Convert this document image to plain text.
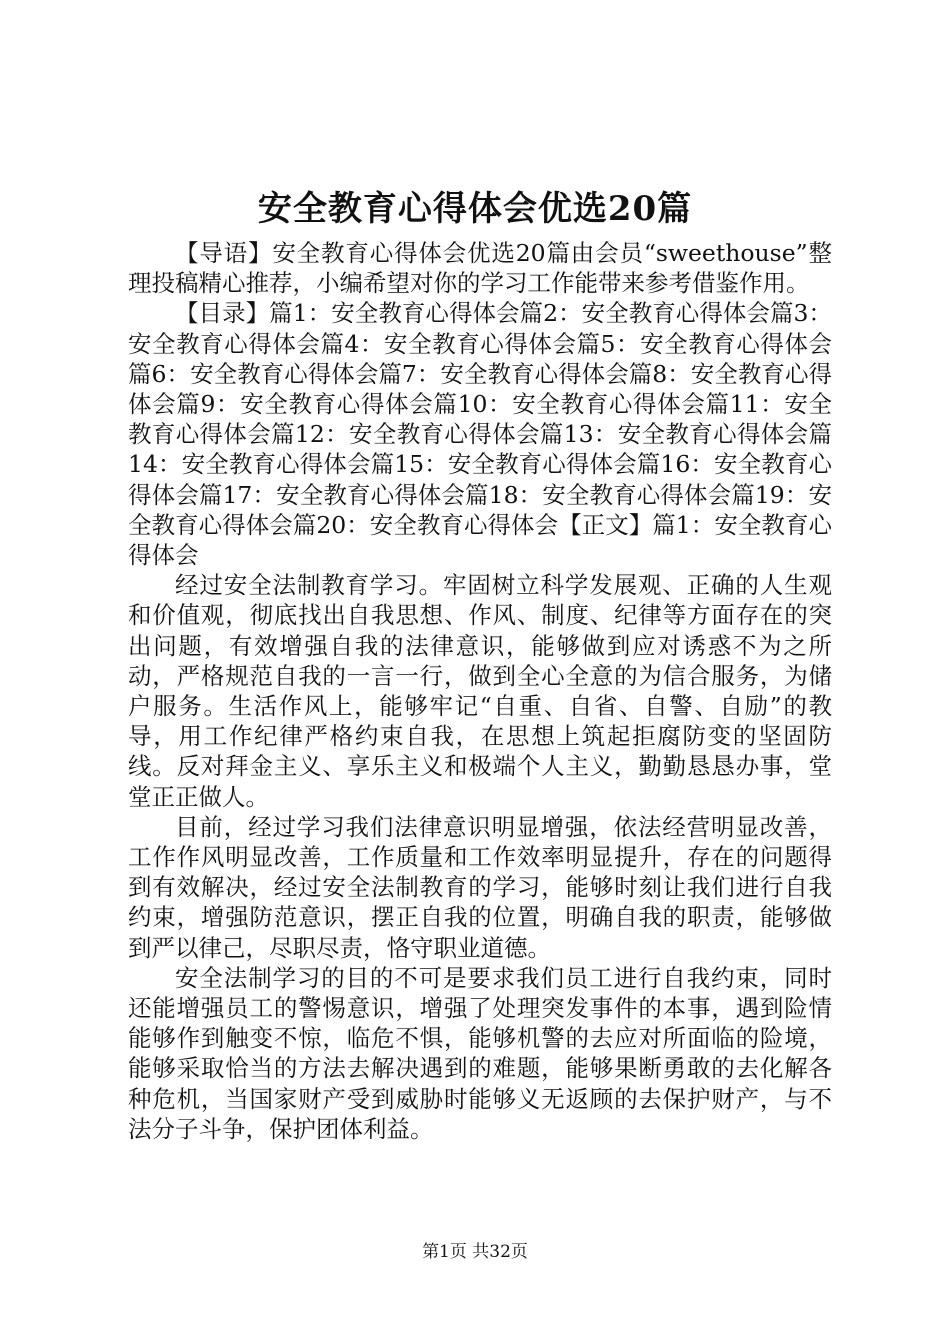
安全教育心得体会优选20篇

【导语】安全教育心得体会优选20篇由会员“sweethouse”整理投稿精心推荐，小编希望对你的学习工作能带来参考借鉴作用。

【目录】篇1：安全教育心得体会篇2：安全教育心得体会篇3：安全教育心得体会篇4：安全教育心得体会篇5：安全教育心得体会篇6：安全教育心得体会篇7：安全教育心得体会篇8：安全教育心得体会篇9：安全教育心得体会篇10：安全教育心得体会篇11：安全教育心得体会篇12：安全教育心得体会篇13：安全教育心得体会篇14：安全教育心得体会篇15：安全教育心得体会篇16：安全教育心得体会篇17：安全教育心得体会篇18：安全教育心得体会篇19：安全教育心得体会篇20：安全教育心得体会【正文】篇1：安全教育心得体会

经过安全法制教育学习。牢固树立科学发展观、正确的人生观和价值观，彻底找出自我思想、作风、制度、纪律等方面存在的突出问题，有效增强自我的法律意识，能够做到应对诱惑不为之所动，严格规范自我的一言一行，做到全心全意的为信合服务，为储户服务。生活作风上，能够牢记“自重、自省、自警、自励”的教导，用工作纪律严格约束自我，在思想上筑起拒腐防变的坚固防线。反对拜金主义、享乐主义和极端个人主义，勤勤恳恳办事，堂堂正正做人。

目前，经过学习我们法律意识明显增强，依法经营明显改善，工作作风明显改善，工作质量和工作效率明显提升，存在的问题得到有效解决，经过安全法制教育的学习，能够时刻让我们进行自我约束，增强防范意识，摆正自我的位置，明确自我的职责，能够做到严以律己，尽职尽责，恪守职业道德。

安全法制学习的目的不可是要求我们员工进行自我约束，同时还能增强员工的警惕意识，增强了处理突发事件的本事，遇到险情能够作到触变不惊，临危不惧，能够机警的去应对所面临的险境，能够采取恰当的方法去解决遇到的难题，能够果断勇敢的去化解各种危机，当国家财产受到威胁时能够义无返顾的去保护财产，与不法分子斗争，保护团体利益。

第1页 共32页
